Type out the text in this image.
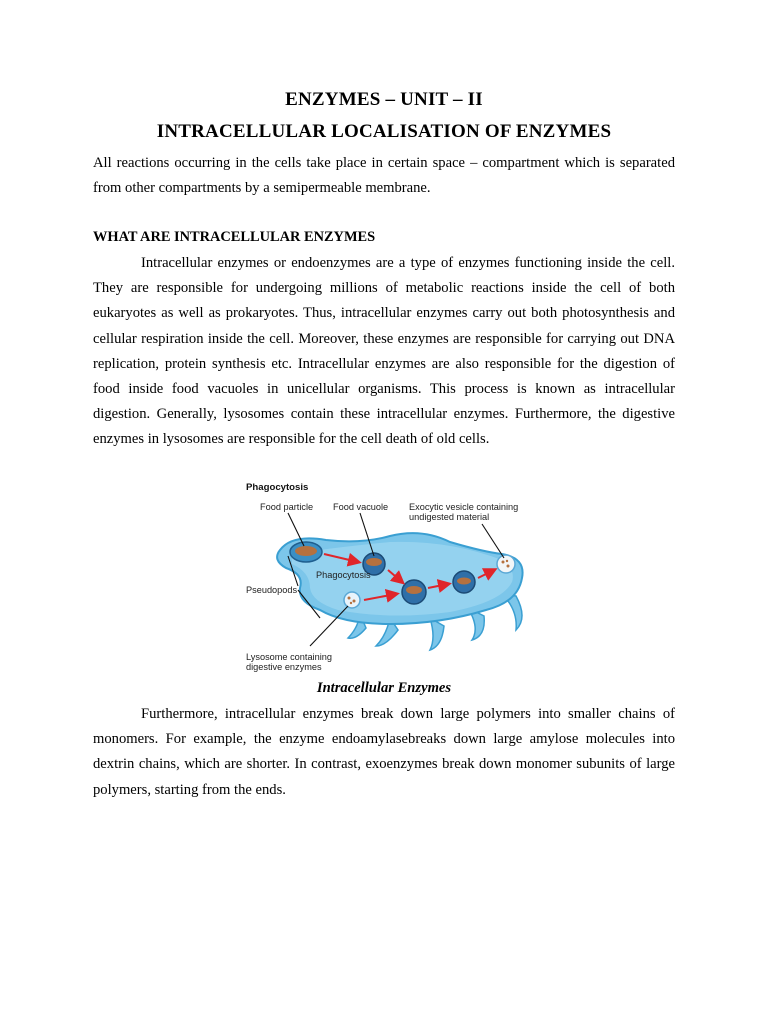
ENZYMES – UNIT – II
INTRACELLULAR LOCALISATION OF ENZYMES

All reactions occurring in the cells take place in certain space – compartment which is separated from other compartments by a semipermeable membrane.

WHAT ARE INTRACELLULAR ENZYMES

Intracellular enzymes or endoenzymes are a type of enzymes functioning inside the cell. They are responsible for undergoing millions of metabolic reactions inside the cell of both eukaryotes as well as prokaryotes. Thus, intracellular enzymes carry out both photosynthesis and cellular respiration inside the cell. Moreover, these enzymes are responsible for carrying out DNA replication, protein synthesis etc. Intracellular enzymes are also responsible for the digestion of food inside food vacuoles in unicellular organisms. This process is known as intracellular digestion. Generally, lysosomes contain these intracellular enzymes. Furthermore, the digestive enzymes in lysosomes are responsible for the cell death of old cells.

Phagocytosis
Food particle Food vacuole Exocytic vesicle containing
undigested material
Phagocytosis
Pseudopods
Lysosome containing
digestive enzymes
Intracellular Enzymes

Furthermore, intracellular enzymes break down large polymers into smaller chains of monomers. For example, the enzyme endoamylasebreaks down large amylose molecules into dextrin chains, which are shorter. In contrast, exoenzymes break down monomer subunits of large polymers, starting from the ends.
